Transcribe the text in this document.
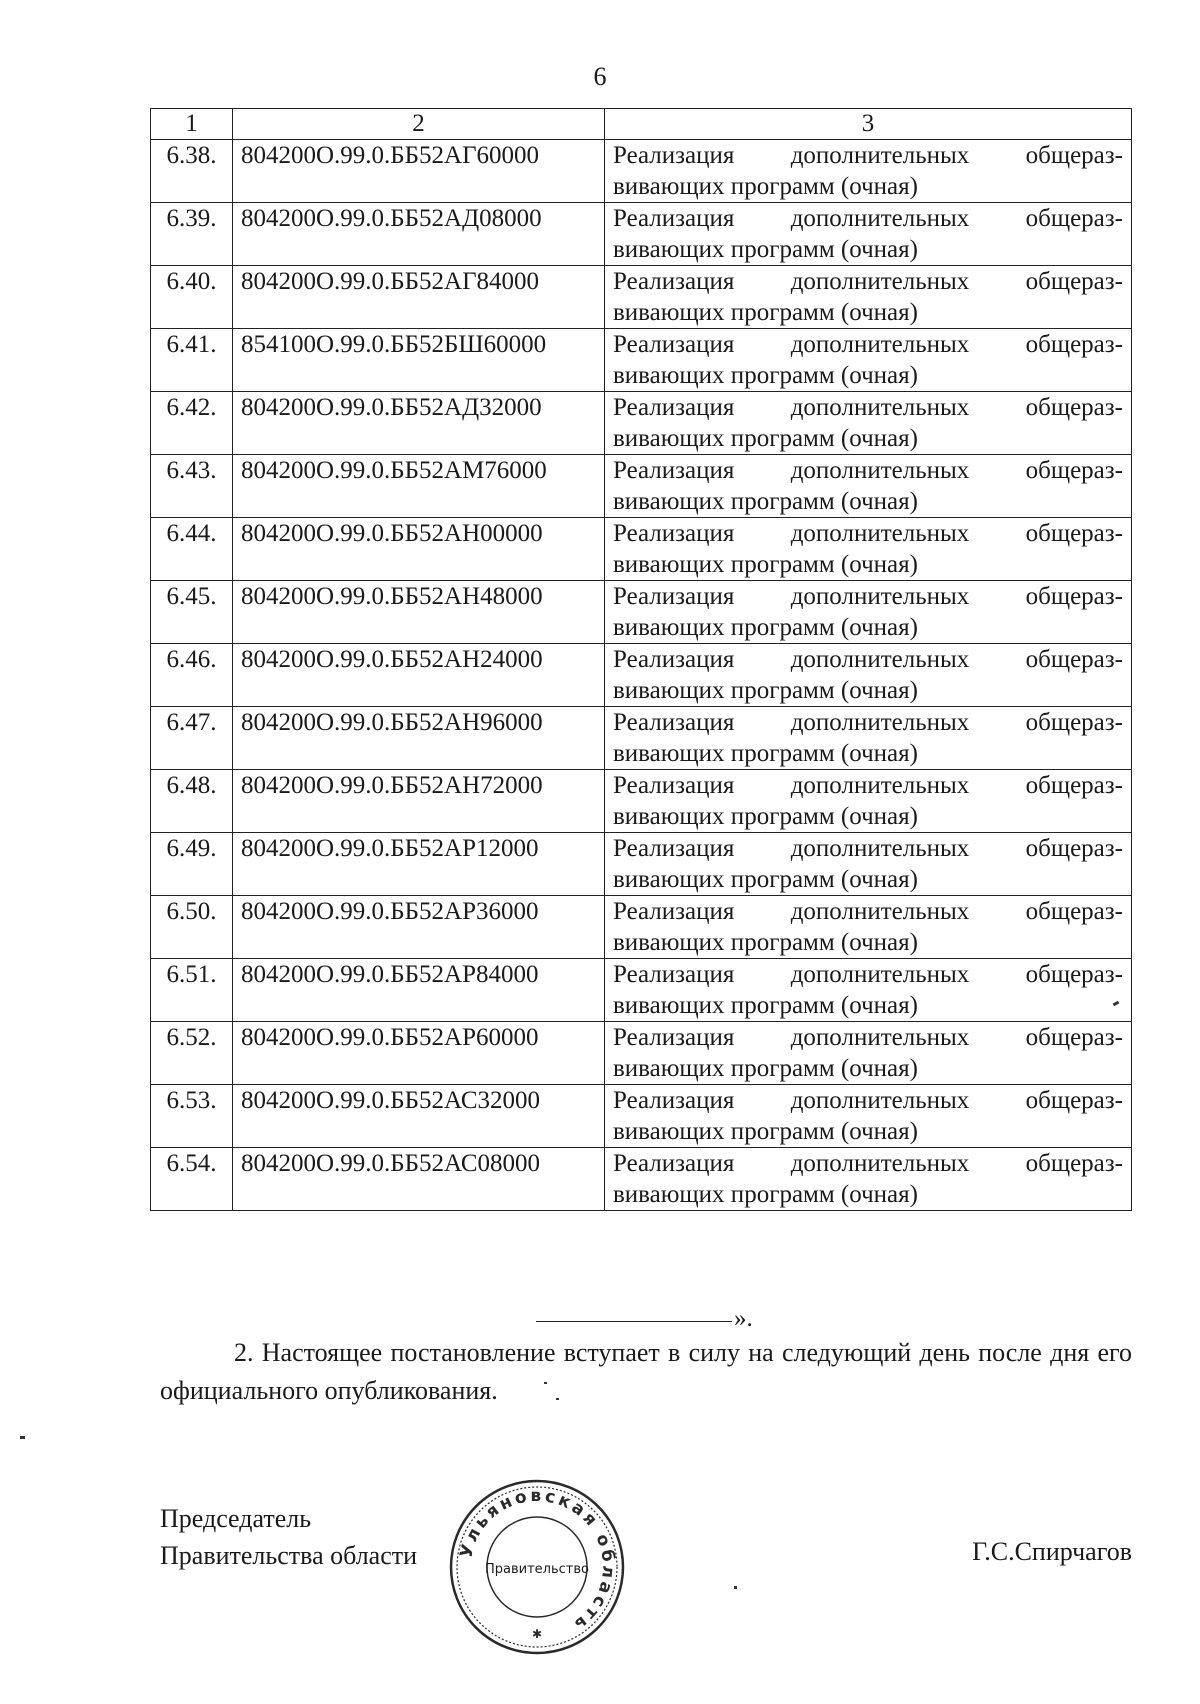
6
1	2	3
6.38.	804200О.99.0.ББ52АГ60000	Реализация дополнительных общераз-
вивающих программ (очная)

6.39.	804200О.99.0.ББ52АД08000	Реализация дополнительных общераз-
вивающих программ (очная)

6.40.	804200О.99.0.ББ52АГ84000	Реализация дополнительных общераз-
вивающих программ (очная)

6.41.	854100О.99.0.ББ52БШ60000	Реализация дополнительных общераз-
вивающих программ (очная)

6.42.	804200О.99.0.ББ52АД32000	Реализация дополнительных общераз-
вивающих программ (очная)

6.43.	804200О.99.0.ББ52АМ76000	Реализация дополнительных общераз-
вивающих программ (очная)

6.44.	804200О.99.0.ББ52АН00000	Реализация дополнительных общераз-
вивающих программ (очная)

6.45.	804200О.99.0.ББ52АН48000	Реализация дополнительных общераз-
вивающих программ (очная)

6.46.	804200О.99.0.ББ52АН24000	Реализация дополнительных общераз-
вивающих программ (очная)

6.47.	804200О.99.0.ББ52АН96000	Реализация дополнительных общераз-
вивающих программ (очная)

6.48.	804200О.99.0.ББ52АН72000	Реализация дополнительных общераз-
вивающих программ (очная)

6.49.	804200О.99.0.ББ52АР12000	Реализация дополнительных общераз-
вивающих программ (очная)

6.50.	804200О.99.0.ББ52АР36000	Реализация дополнительных общераз-
вивающих программ (очная)

6.51.	804200О.99.0.ББ52АР84000	Реализация дополнительных общераз-
вивающих программ (очная)

6.52.	804200О.99.0.ББ52АР60000	Реализация дополнительных общераз-
вивающих программ (очная)

6.53.	804200О.99.0.ББ52АС32000	Реализация дополнительных общераз-
вивающих программ (очная)

6.54.	804200О.99.0.ББ52АС08000	Реализация дополнительных общераз-
вивающих программ (очная)
».
2. Настоящее постановление вступает в силу на следующий день после дня его официального опубликования.
Председатель
Правительства области Ульяновская область
Правительство
✱
Г.С.Спирчагов
